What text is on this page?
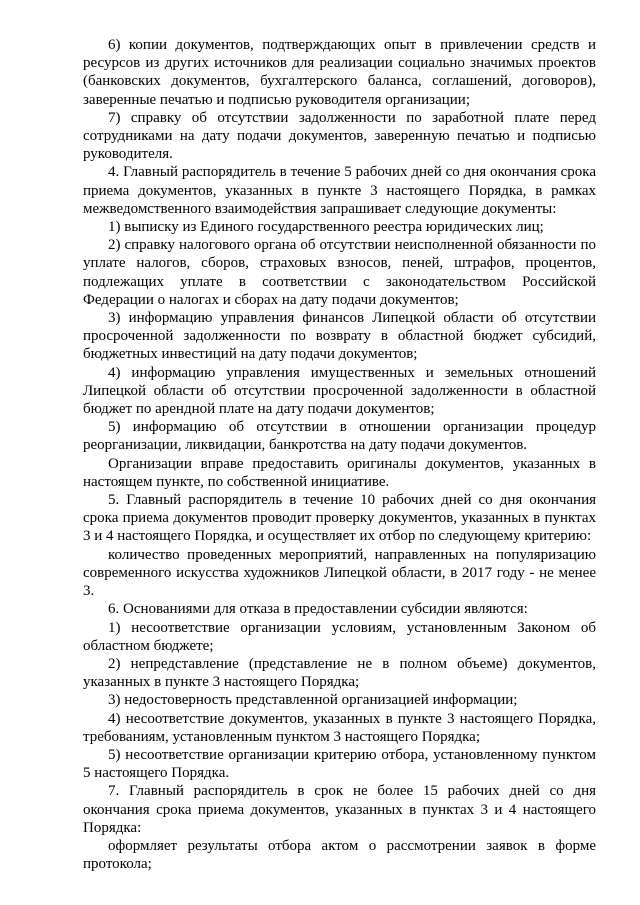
6) копии документов, подтверждающих опыт в привлечении средств и ресурсов из других источников для реализации социально значимых проектов (банковских документов, бухгалтерского баланса, соглашений, договоров), заверенные печатью и подписью руководителя организации;

7) справку об отсутствии задолженности по заработной плате перед сотрудниками на дату подачи документов, заверенную печатью и подписью руководителя.

4. Главный распорядитель в течение 5 рабочих дней со дня окончания срока приема документов, указанных в пункте 3 настоящего Порядка, в рамках межведомственного взаимодействия запрашивает следующие документы:

1) выписку из Единого государственного реестра юридических лиц;

2) справку налогового органа об отсутствии неисполненной обязанности по уплате налогов, сборов, страховых взносов, пеней, штрафов, процентов, подлежащих уплате в соответствии с законодательством Российской Федерации о налогах и сборах на дату подачи документов;

3) информацию управления финансов Липецкой области об отсутствии просроченной задолженности по возврату в областной бюджет субсидий, бюджетных инвестиций на дату подачи документов;

4) информацию управления имущественных и земельных отношений Липецкой области об отсутствии просроченной задолженности в областной бюджет по арендной плате на дату подачи документов;

5) информацию об отсутствии в отношении организации процедур реорганизации, ликвидации, банкротства на дату подачи документов.

Организации вправе предоставить оригиналы документов, указанных в настоящем пункте, по собственной инициативе.

5. Главный распорядитель в течение 10 рабочих дней со дня окончания срока приема документов проводит проверку документов, указанных в пунктах 3 и 4 настоящего Порядка, и осуществляет их отбор по следующему критерию:

количество проведенных мероприятий, направленных на популяризацию современного искусства художников Липецкой области, в 2017 году - не менее 3.

6. Основаниями для отказа в предоставлении субсидии являются:

1) несоответствие организации условиям, установленным Законом об областном бюджете;

2) непредставление (представление не в полном объеме) документов, указанных в пункте 3 настоящего Порядка;

3) недостоверность представленной организацией информации;

4) несоответствие документов, указанных в пункте 3 настоящего Порядка, требованиям, установленным пунктом 3 настоящего Порядка;

5) несоответствие организации критерию отбора, установленному пунктом 5 настоящего Порядка.

7. Главный распорядитель в срок не более 15 рабочих дней со дня окончания срока приема документов, указанных в пунктах 3 и 4 настоящего Порядка:

оформляет результаты отбора актом о рассмотрении заявок в форме протокола;
